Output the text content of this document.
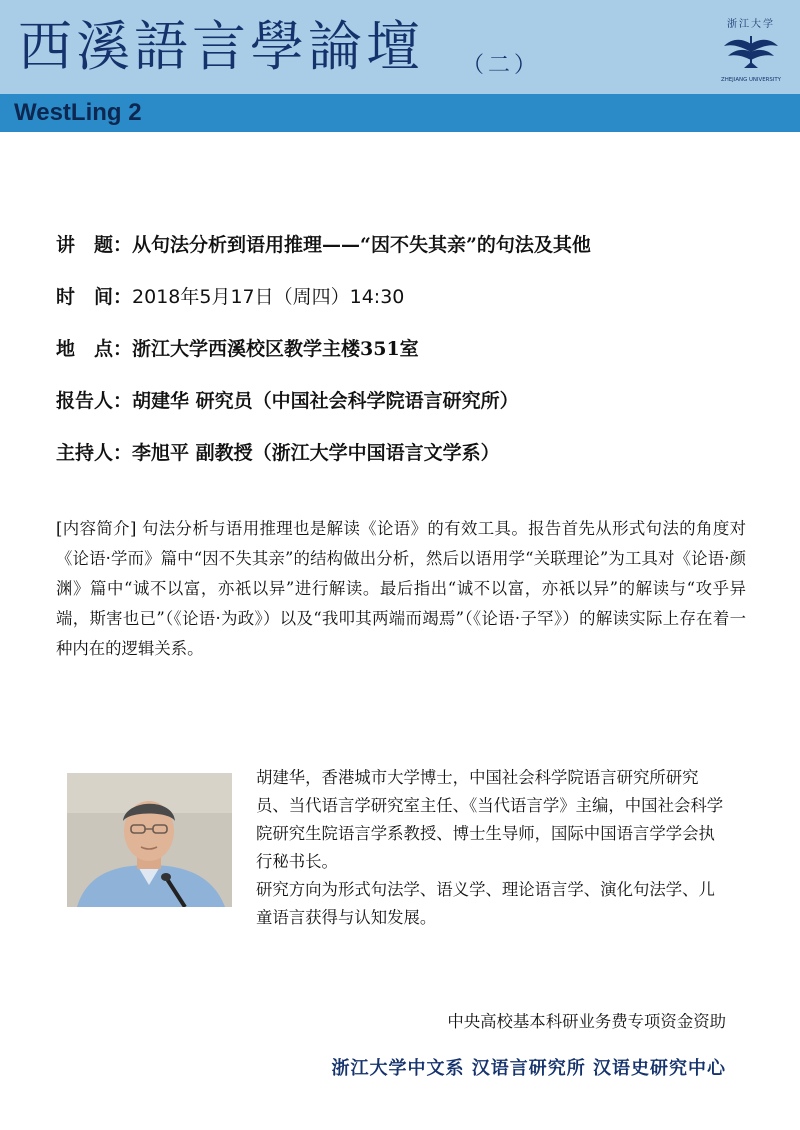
西溪語言學論壇 （二）
浙江大学
ZHEJIANG UNIVERSITY
WestLing 2
讲　题： 从句法分析到语用推理——“因不失其亲”的句法及其他
时　间： 2018年5月17日（周四）14:30
地　点： 浙江大学西溪校区教学主楼351室
报告人： 胡建华 研究员（中国社会科学院语言研究所）
主持人： 李旭平 副教授（浙江大学中国语言文学系）
[内容简介] 句法分析与语用推理也是解读《论语》的有效工具。报告首先从形式句法的角度对《论语·学而》篇中“因不失其亲”的结构做出分析，然后以语用学“关联理论”为工具对《论语·颜渊》篇中“诚不以富，亦祇以异”进行解读。最后指出“诚不以富，亦祇以异”的解读与“攻乎异端，斯害也已”（《论语·为政》）以及“我叩其两端而竭焉”（《论语·子罕》）的解读实际上存在着一种内在的逻辑关系。
胡建华，香港城市大学博士，中国社会科学院语言研究所研究员、当代语言学研究室主任、《当代语言学》主编，中国社会科学院研究生院语言学系教授、博士生导师，国际中国语言学学会执行秘书长。
研究方向为形式句法学、语义学、理论语言学、演化句法学、儿童语言获得与认知发展。
中央高校基本科研业务费专项资金资助
浙江大学中文系 汉语言研究所 汉语史研究中心
